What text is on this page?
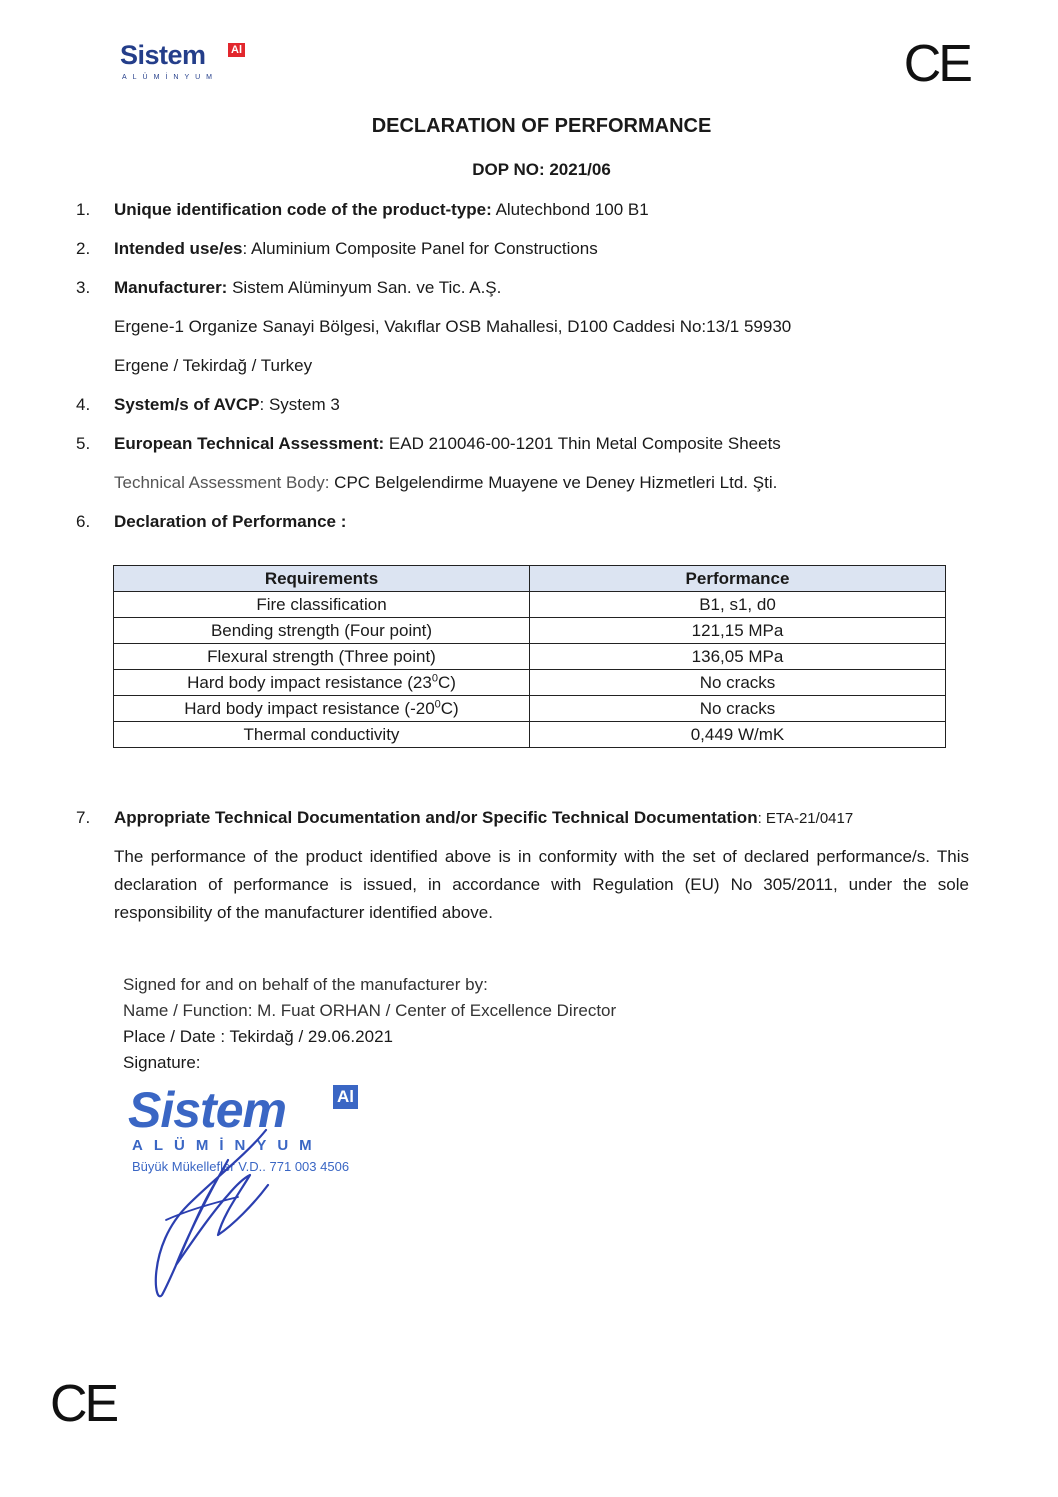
Sistem Al
ALÜMİNYUM	CE
DECLARATION OF PERFORMANCE
DOP NO: 2021/06
1. Unique identification code of the product-type: Alutechbond 100 B1
2. Intended use/es: Aluminium Composite Panel for Constructions
3. Manufacturer: Sistem Alüminyum San. ve Tic. A.Ş.
Ergene-1 Organize Sanayi Bölgesi, Vakıflar OSB Mahallesi, D100 Caddesi No:13/1 59930
Ergene / Tekirdağ / Turkey
4. System/s of AVCP: System 3
5. European Technical Assessment: EAD 210046-00-1201 Thin Metal Composite Sheets
Technical Assessment Body: CPC Belgelendirme Muayene ve Deney Hizmetleri Ltd. Şti.
6. Declaration of Performance :
Requirements	Performance
Fire classification	B1, s1, d0
Bending strength (Four point)	121,15 MPa
Flexural strength (Three point)	136,05 MPa
Hard body impact resistance $(23^0C)$	No cracks
Hard body impact resistance $(-20^0C)$	No cracks
Thermal conductivity	0,449 W/mK
7. Appropriate Technical Documentation and/or Specific Technical Documentation: ETA-21/0417
The performance of the product identified above is in conformity with the set of declared performance/s. This declaration of performance is issued, in accordance with Regulation (EU) No 305/2011, under the sole responsibility of the manufacturer identified above.
Signed for and on behalf of the manufacturer by:
Name / Function: M. Fuat ORHAN / Center of Excellence Director
Place / Date : Tekirdağ / 29.06.2021
Signature:
Sistem	Al
ALÜMİNYUM
Büyük Mükellefler V.D.. 771 003 4506
CE
